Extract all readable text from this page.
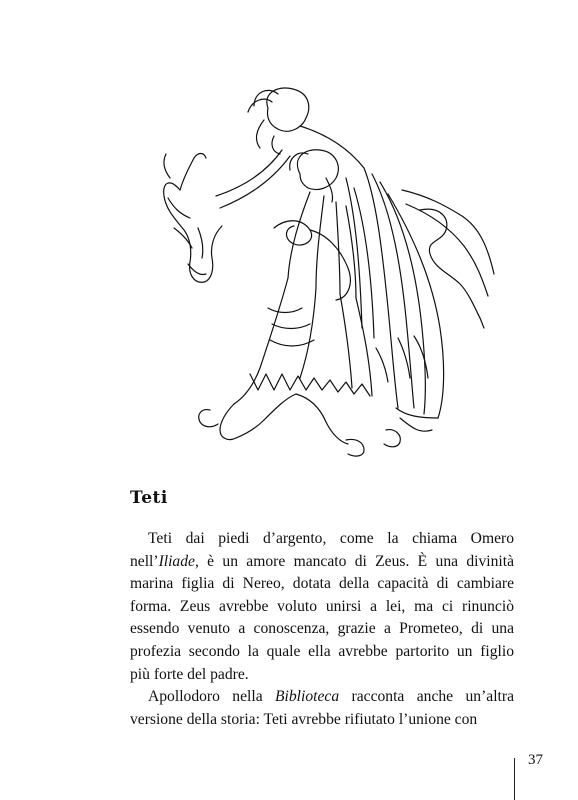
Teti
Teti dai piedi d’argento, come la chiama Omero
nell’Iliade, è un amore mancato di Zeus. È una divinità
marina figlia di Nereo, dotata della capacità di cambiare
forma. Zeus avrebbe voluto unirsi a lei, ma ci rinunciò
essendo venuto a conoscenza, grazie a Prometeo, di una
profezia secondo la quale ella avrebbe partorito un figlio
più forte del padre.
Apollodoro nella Biblioteca racconta anche un’altra
versione della storia: Teti avrebbe rifiutato l’unione con
37
